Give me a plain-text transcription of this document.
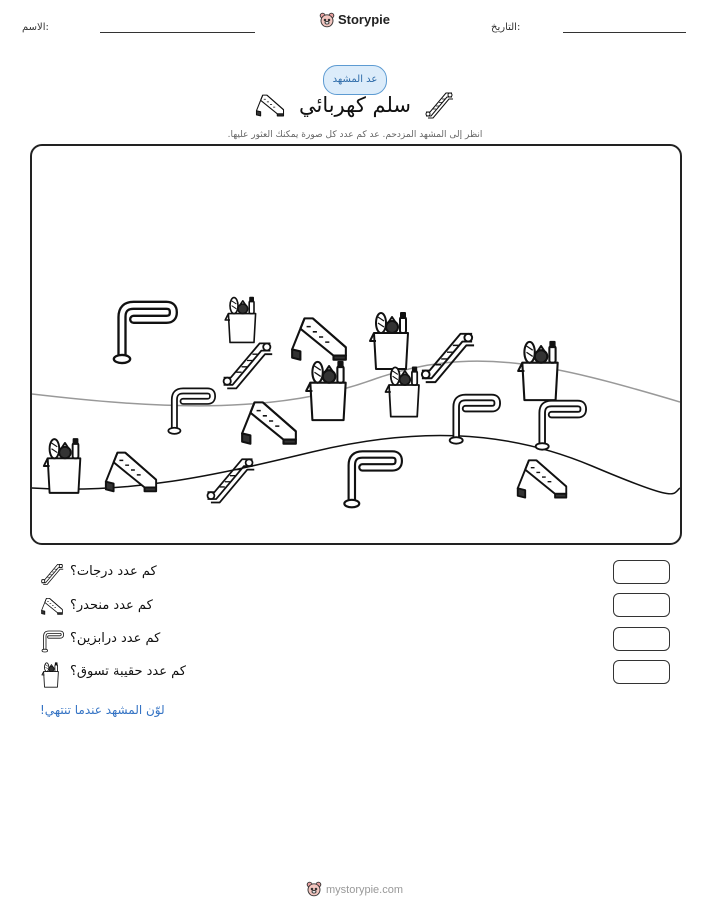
الاسم:
Storypie
التاريخ:
عد المشهد
سلم كهربائي
انظر إلى المشهد المزدحم. عد كم عدد كل صورة يمكنك العثور عليها.
كم عدد درجات؟
كم عدد منحدر؟
كم عدد درابزين؟
كم عدد حقيبة تسوق؟
لوّن المشهد عندما تنتهي!
mystorypie.com
